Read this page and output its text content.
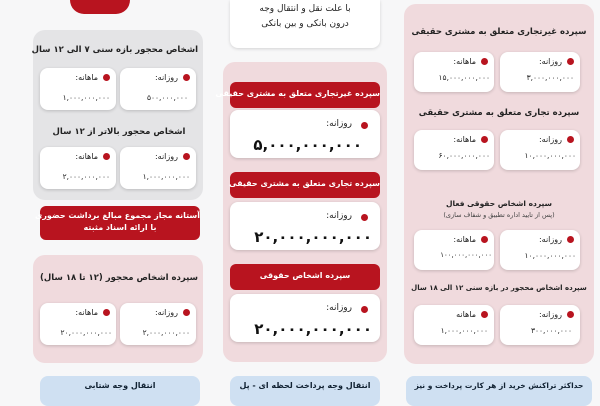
اشخاص محجور بازه سنی ۷ الی ۱۲ سال
روزانه:
۵۰۰,۰۰۰,۰۰۰
ماهانه:
۱,۰۰۰,۰۰۰,۰۰۰
اشخاص محجور بالاتر از ۱۲ سال
روزانه:
۱,۰۰۰,۰۰۰,۰۰۰
ماهانه:
۲,۰۰۰,۰۰۰,۰۰۰
آستانه مجاز مجموع مبالغ برداشت حضوری
با ارائه اسناد مثبته
سپرده اشخاص محجور (۱۲ تا ۱۸ سال)
روزانه:
۲,۰۰۰,۰۰۰,۰۰۰
ماهانه:
۲۰,۰۰۰,۰۰۰,۰۰۰
انتقال وجه شتابی
با علت نقل و انتقال وجه
درون بانکی و بین بانکی
سپرده غیرتجاری متعلق به مشتری حقیقی
روزانه:
۵,۰۰۰,۰۰۰,۰۰۰
سپرده تجاری متعلق به مشتری حقیقی
روزانه:
۲۰,۰۰۰,۰۰۰,۰۰۰
سپرده اشخاص حقوقی
روزانه:
۲۰,۰۰۰,۰۰۰,۰۰۰
انتقال وجه پرداخت لحظه ای - پل
سپرده غیرتجاری متعلق به مشتری حقیقی
روزانه:
۳,۰۰۰,۰۰۰,۰۰۰
ماهانه:
۱۵,۰۰۰,۰۰۰,۰۰۰
سپرده تجاری متعلق به مشتری حقیقی
روزانه:
۱۰,۰۰۰,۰۰۰,۰۰۰
ماهانه:
۶۰,۰۰۰,۰۰۰,۰۰۰
سپرده اشخاص حقوقی فعال
(پس از تایید اداره تطبیق و شفاف سازی)
روزانه:
۱۰,۰۰۰,۰۰۰,۰۰۰
ماهانه:
۱۰۰,۰۰۰,۰۰۰,۰۰۰
سپرده اشخاص محجور در بازه سنی ۱۲ الی ۱۸ سال
روزانه:
۳۰۰,۰۰۰,۰۰۰
ماهانه
۱,۰۰۰,۰۰۰,۰۰۰
حداکثر تراکنش خرید از هر کارت پرداخت و نیز
